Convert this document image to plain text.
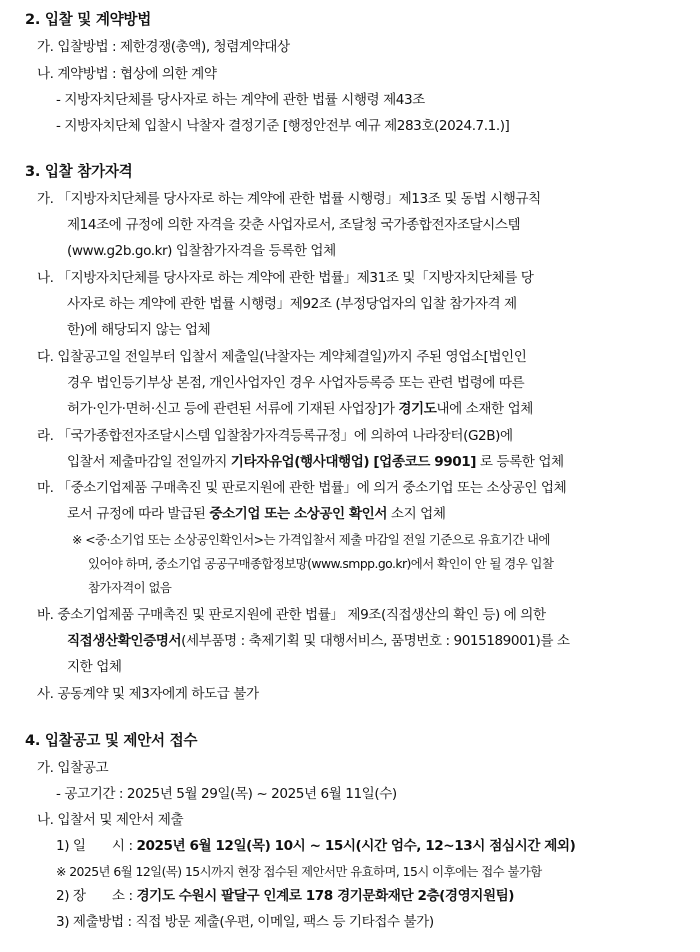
2. 입찰 및 계약방법
가. 입찰방법 : 제한경쟁(총액), 청렴계약대상
나. 계약방법 : 협상에 의한 계약
- 지방자치단체를 당사자로 하는 계약에 관한 법률 시행령 제43조
- 지방자치단체 입찰시 낙찰자 결정기준 [행정안전부 예규 제283호(2024.7.1.)]
3. 입찰 참가자격
가. 「지방자치단체를 당사자로 하는 계약에 관한 법률 시행령」제13조 및 동법 시행규칙
제14조에 규정에 의한 자격을 갖춘 사업자로서, 조달청 국가종합전자조달시스템
(www.g2b.go.kr) 입찰참가자격을 등록한 업체
나. 「지방자치단체를 당사자로 하는 계약에 관한 법률」제31조 및「지방자치단체를 당
사자로 하는 계약에 관한 법률 시행령」제92조 (부정당업자의 입찰 참가자격 제
한)에 해당되지 않는 업체
다. 입찰공고일 전일부터 입찰서 제출일(낙찰자는 계약체결일)까지 주된 영업소[법인인
경우 법인등기부상 본점, 개인사업자인 경우 사업자등록증 또는 관련 법령에 따른
허가·인가·면허·신고 등에 관련된 서류에 기재된 사업장]가 경기도내에 소재한 업체
라. 「국가종합전자조달시스템 입찰참가자격등록규정」에 의하여 나라장터(G2B)에
입찰서 제출마감일 전일까지 기타자유업(행사대행업) [업종코드 9901] 로 등록한 업체
마. 「중소기업제품 구매촉진 및 판로지원에 관한 법률」에 의거 중소기업 또는 소상공인 업체
로서 규정에 따라 발급된 중소기업 또는 소상공인 확인서 소지 업체
※ <중·소기업 또는 소상공인확인서>는 가격입찰서 제출 마감일 전일 기준으로 유효기간 내에
있어야 하며, 중소기업 공공구매종합정보망(www.smpp.go.kr)에서 확인이 안 될 경우 입찰
참가자격이 없음
바. 중소기업제품 구매촉진 및 판로지원에 관한 법률」 제9조(직접생산의 확인 등) 에 의한
직접생산확인증명서(세부품명 : 축제기획 및 대행서비스, 품명번호 : 9015189001)를 소
지한 업체
사. 공동계약 및 제3자에게 하도급 불가
4. 입찰공고 및 제안서 접수
가. 입찰공고
- 공고기간 : 2025년 5월 29일(목) ~ 2025년 6월 11일(수)
나. 입찰서 및 제안서 제출
1) 일　　시 : 2025년 6월 12일(목) 10시 ~ 15시(시간 엄수, 12~13시 점심시간 제외)
※ 2025년 6월 12일(목) 15시까지 현장 접수된 제안서만 유효하며, 15시 이후에는 접수 불가함
2) 장　　소 : 경기도 수원시 팔달구 인계로 178 경기문화재단 2층(경영지원팀)
3) 제출방법 : 직접 방문 제출(우편, 이메일, 팩스 등 기타접수 불가)
